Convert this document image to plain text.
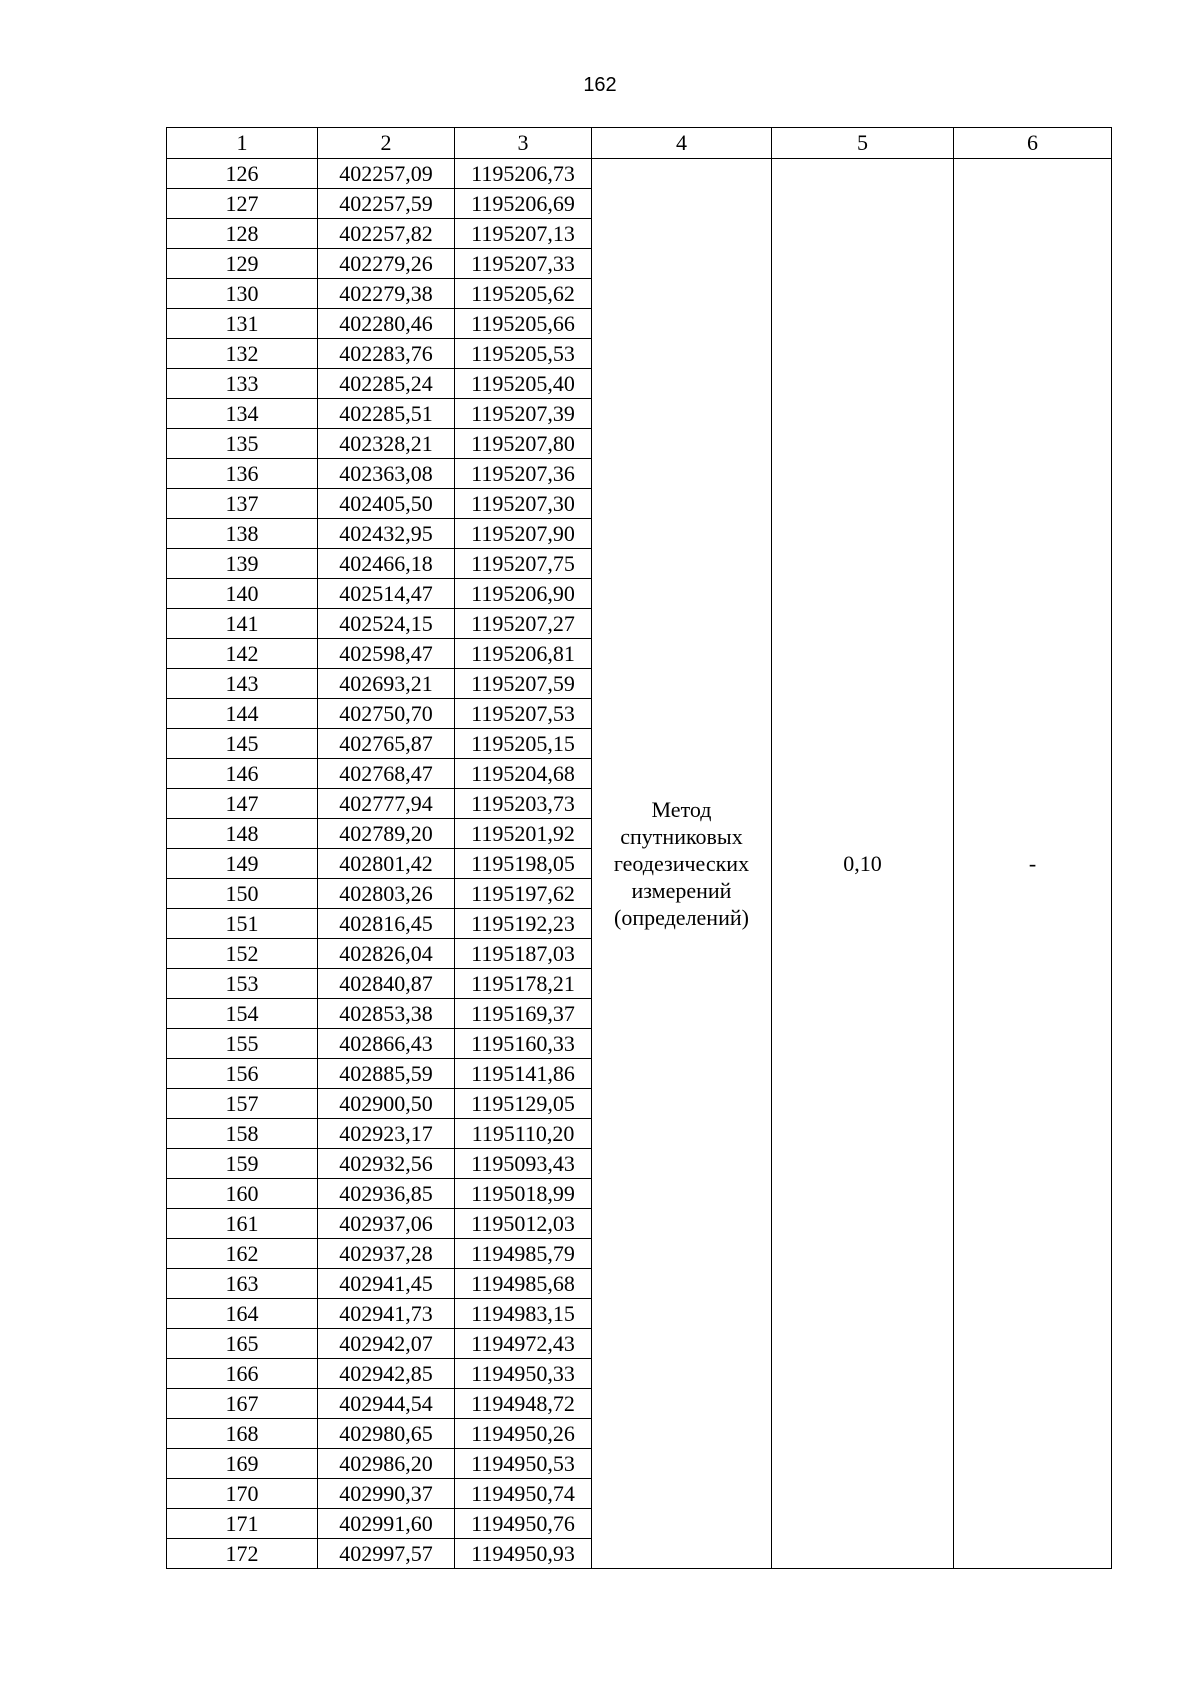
162
1	2	3	4	5	6
126	402257,09	1195206,73	Метод спутниковых геодезических измерений (определений)	0,10	-
127	402257,59	1195206,69			
128	402257,82	1195207,13			
129	402279,26	1195207,33			
130	402279,38	1195205,62			
131	402280,46	1195205,66			
132	402283,76	1195205,53			
133	402285,24	1195205,40			
134	402285,51	1195207,39			
135	402328,21	1195207,80			
136	402363,08	1195207,36			
137	402405,50	1195207,30			
138	402432,95	1195207,90			
139	402466,18	1195207,75			
140	402514,47	1195206,90			
141	402524,15	1195207,27			
142	402598,47	1195206,81			
143	402693,21	1195207,59			
144	402750,70	1195207,53			
145	402765,87	1195205,15			
146	402768,47	1195204,68			
147	402777,94	1195203,73			
148	402789,20	1195201,92			
149	402801,42	1195198,05			
150	402803,26	1195197,62			
151	402816,45	1195192,23			
152	402826,04	1195187,03			
153	402840,87	1195178,21			
154	402853,38	1195169,37			
155	402866,43	1195160,33			
156	402885,59	1195141,86			
157	402900,50	1195129,05			
158	402923,17	1195110,20			
159	402932,56	1195093,43			
160	402936,85	1195018,99			
161	402937,06	1195012,03			
162	402937,28	1194985,79			
163	402941,45	1194985,68			
164	402941,73	1194983,15			
165	402942,07	1194972,43			
166	402942,85	1194950,33			
167	402944,54	1194948,72			
168	402980,65	1194950,26			
169	402986,20	1194950,53			
170	402990,37	1194950,74			
171	402991,60	1194950,76			
172	402997,57	1194950,93			
